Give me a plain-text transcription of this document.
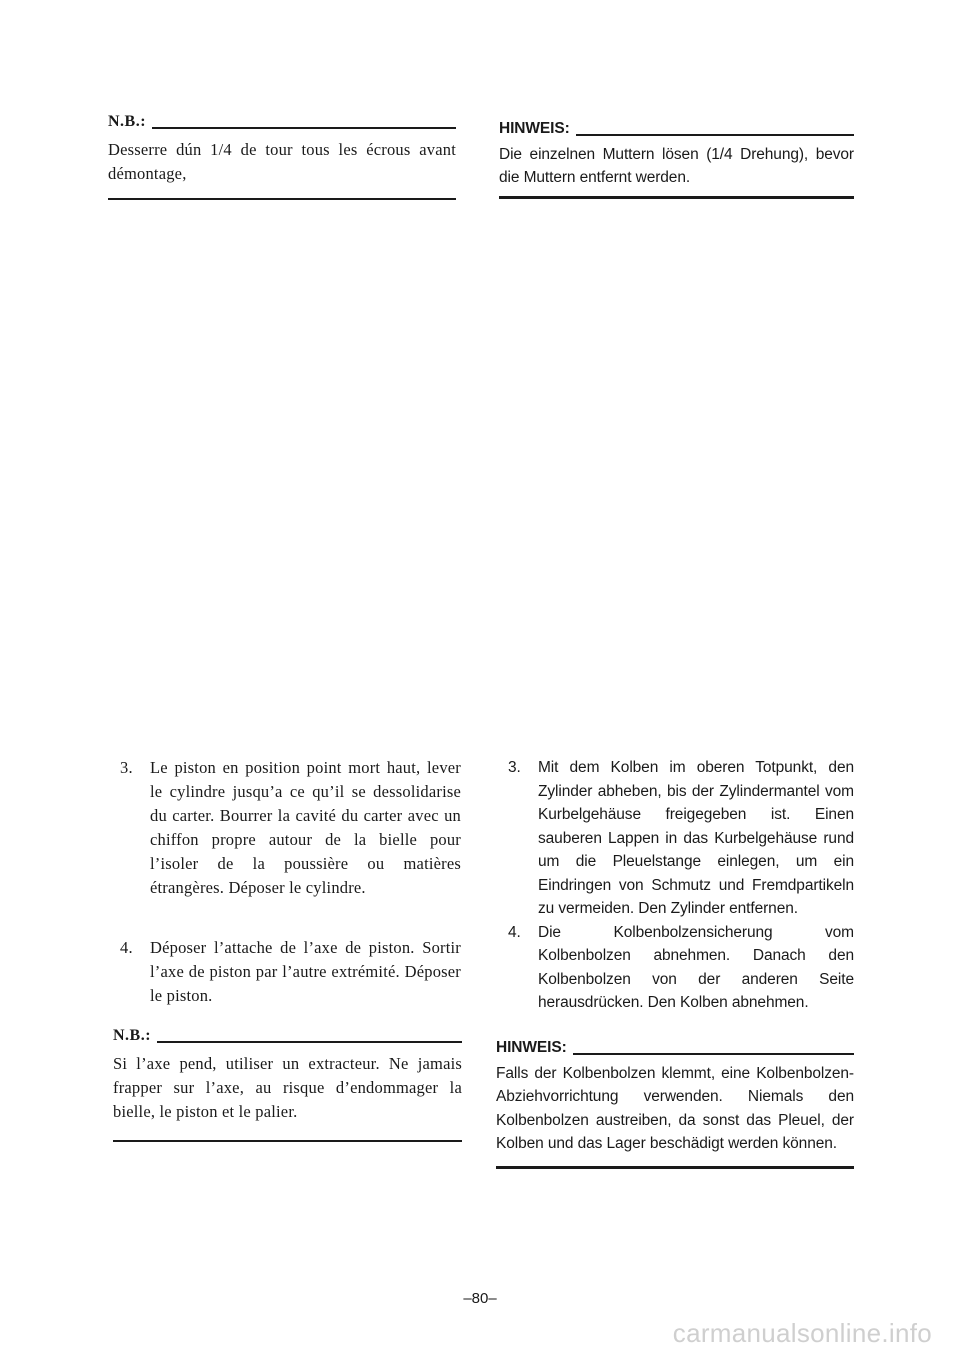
N.B.:
Desserre dún 1/4 de tour tous les écrous avant démontage,
HINWEIS:
Die einzelnen Muttern lösen (1/4 Drehung), bevor die Muttern entfernt werden.
3.	Le piston en position point mort haut, lever le cylindre jusqu’a ce qu’il se dessolidarise du carter. Bourrer la cavité du carter avec un chiffon propre autour de la bielle pour l’isoler de la poussière ou matières étrangères. Déposer le cylindre.
4.	Déposer l’attache de l’axe de piston. Sortir l’axe de piston par l’autre extrémité. Déposer le piston.
N.B.:
Si l’axe pend, utiliser un extracteur. Ne jamais frapper sur l’axe, au risque d’endommager la bielle, le piston et le palier.
3.	Mit dem Kolben im oberen Totpunkt, den Zylinder abheben, bis der Zylindermantel vom Kurbelgehäuse freigegeben ist. Einen sauberen Lappen in das Kurbelgehäuse rund um die Pleuelstange einlegen, um ein Eindringen von Schmutz und Fremdpartikeln zu vermeiden. Den Zylinder entfernen.
4.	Die Kolbenbolzensicherung vom Kolbenbolzen abnehmen. Danach den Kolbenbolzen von der anderen Seite herausdrücken. Den Kolben abnehmen.
HINWEIS:
Falls der Kolbenbolzen klemmt, eine Kolbenbolzen-Abziehvorrichtung verwenden. Niemals den Kolbenbolzen austreiben, da sonst das Pleuel, der Kolben und das Lager beschädigt werden können.
–80–
carmanualsonline.info
